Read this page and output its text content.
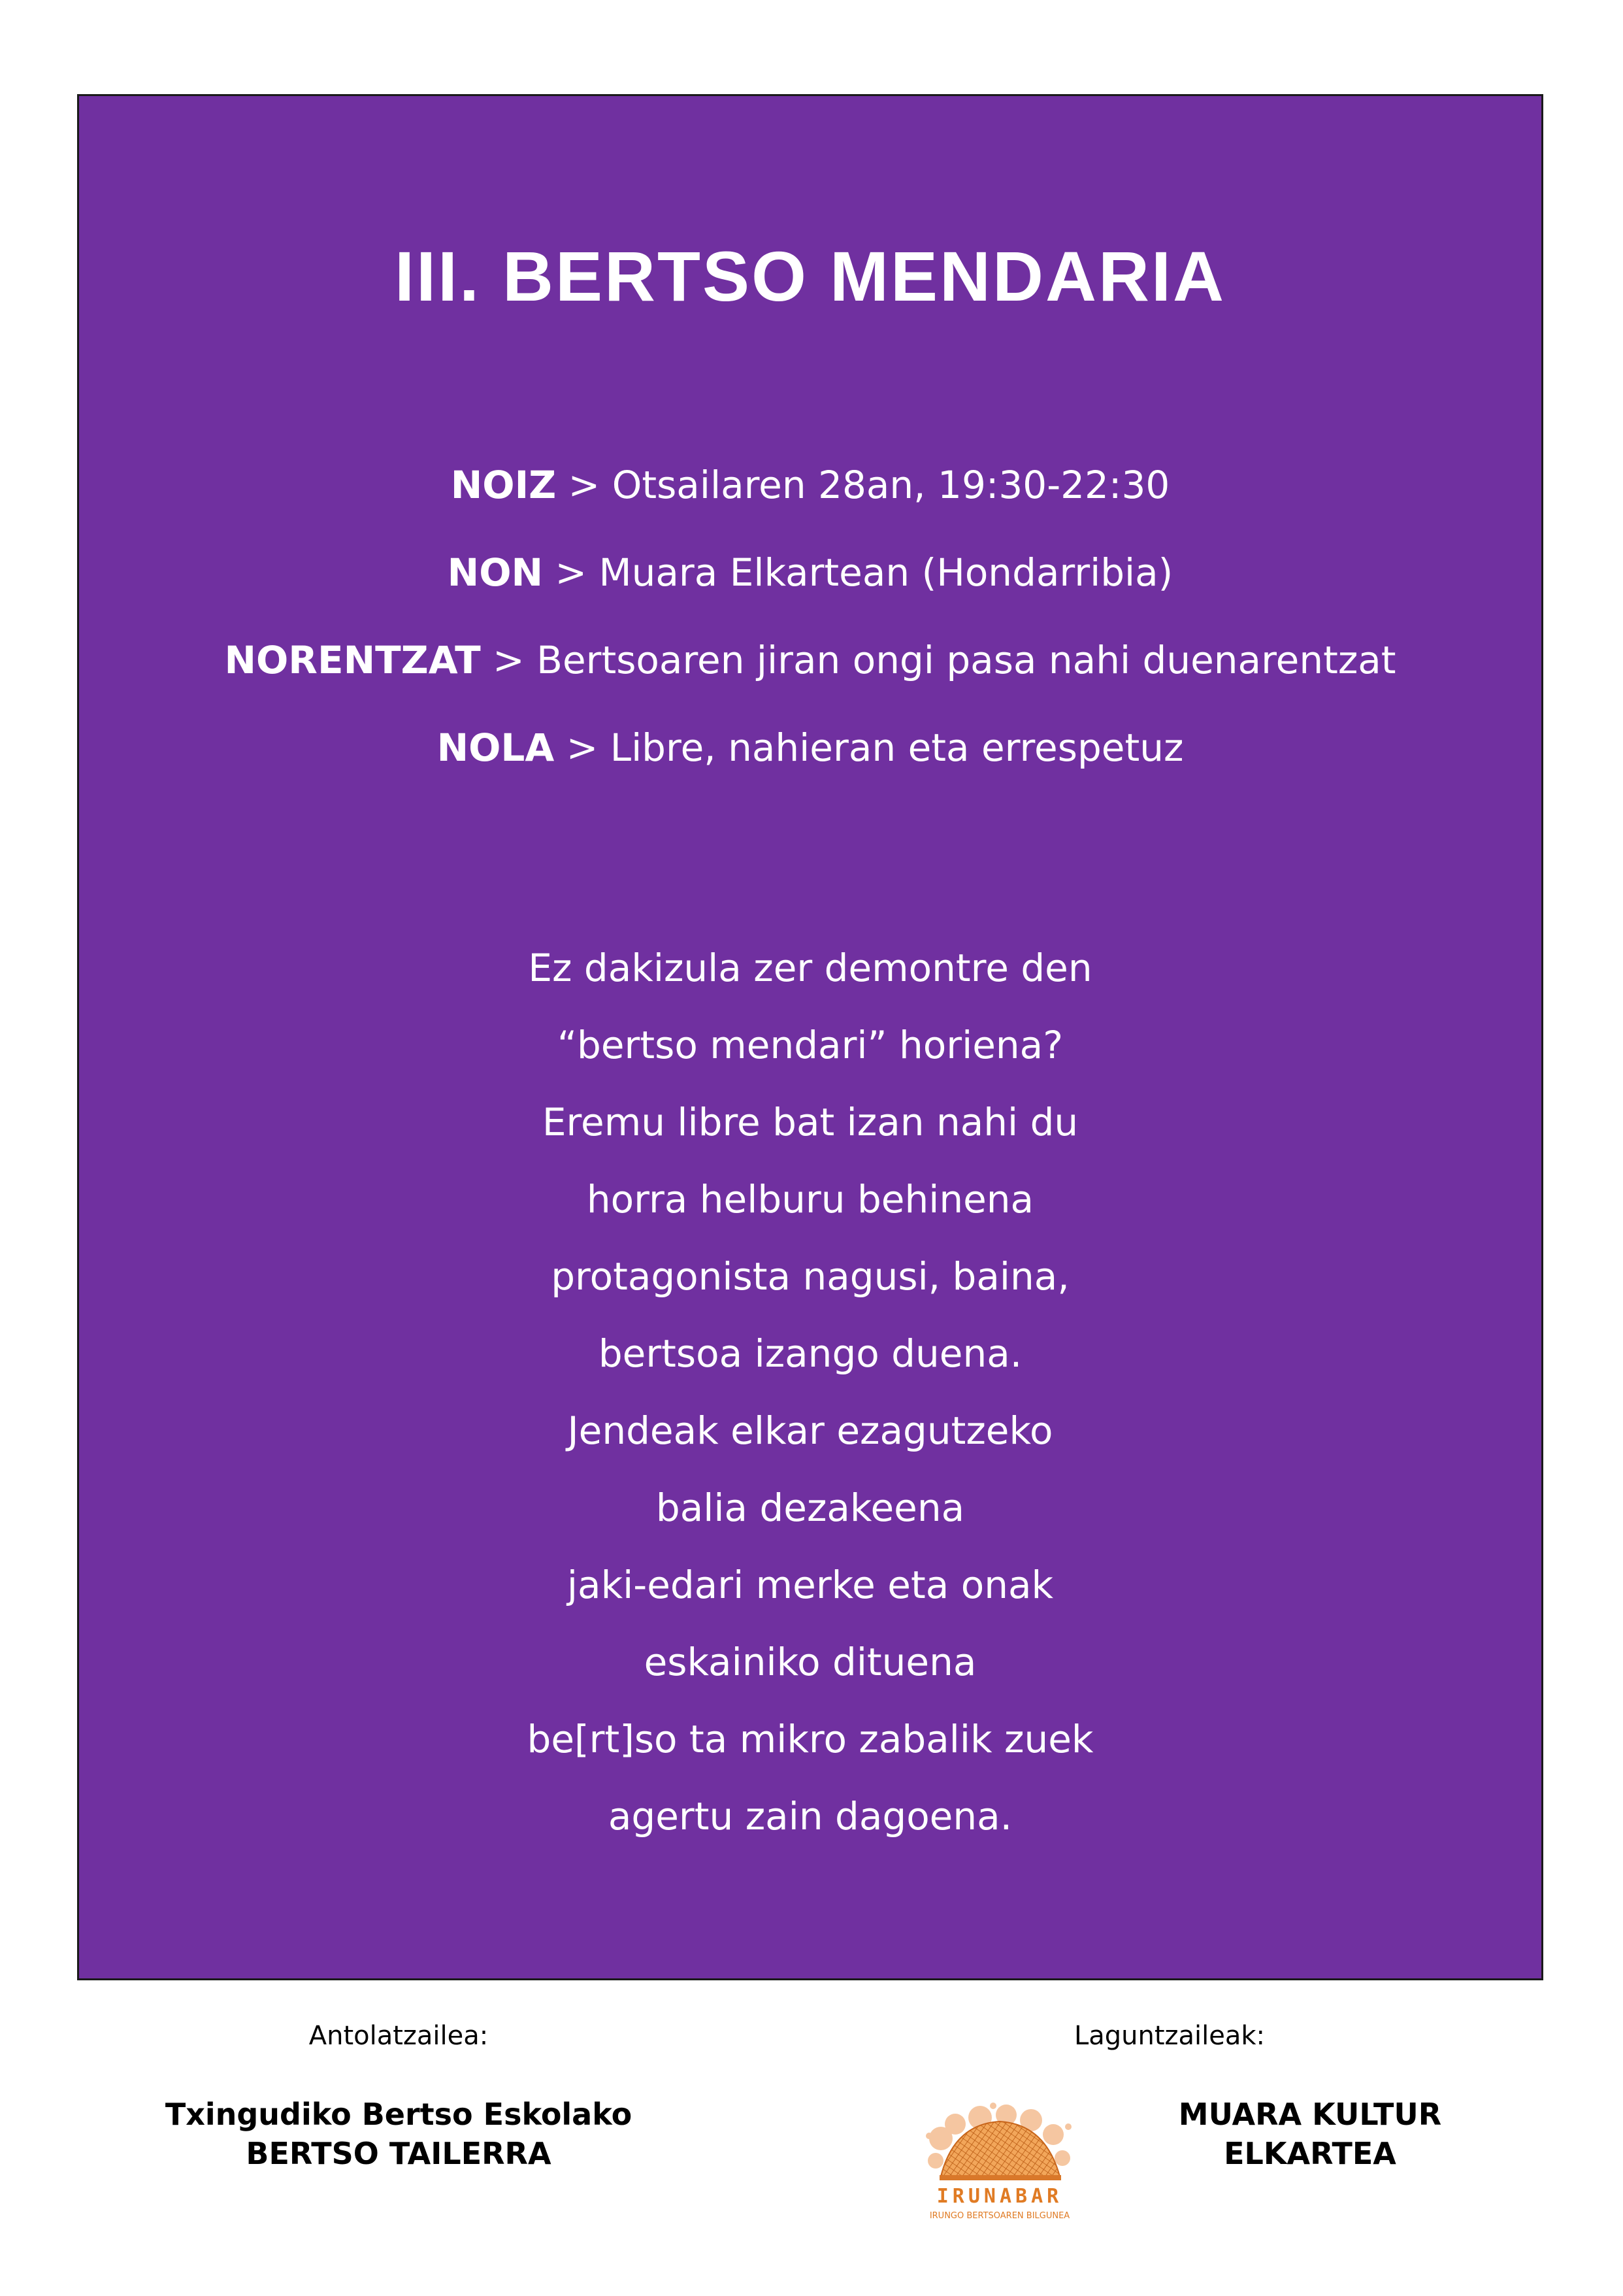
III. BERTSO MENDARIA
NOIZ > Otsailaren 28an, 19:30-22:30
NON > Muara Elkartean (Hondarribia)
NORENTZAT > Bertsoaren jiran ongi pasa nahi duenarentzat
NOLA > Libre, nahieran eta errespetuz
Ez dakizula zer demontre den
“bertso mendari” horiena?
Eremu libre bat izan nahi du
horra helburu behinena
protagonista nagusi, baina,
bertsoa izango duena.
Jendeak elkar ezagutzeko
balia dezakeena
jaki-edari merke eta onak
eskainiko dituena
be[rt]so ta mikro zabalik zuek
agertu zain dagoena.
Antolatzailea:	Laguntzaileak:
Txingudiko Bertso Eskolako
BERTSO TAILERRA
IRUNABAR
IRUNGO BERTSOAREN BILGUNEA
MUARA KULTUR
ELKARTEA
